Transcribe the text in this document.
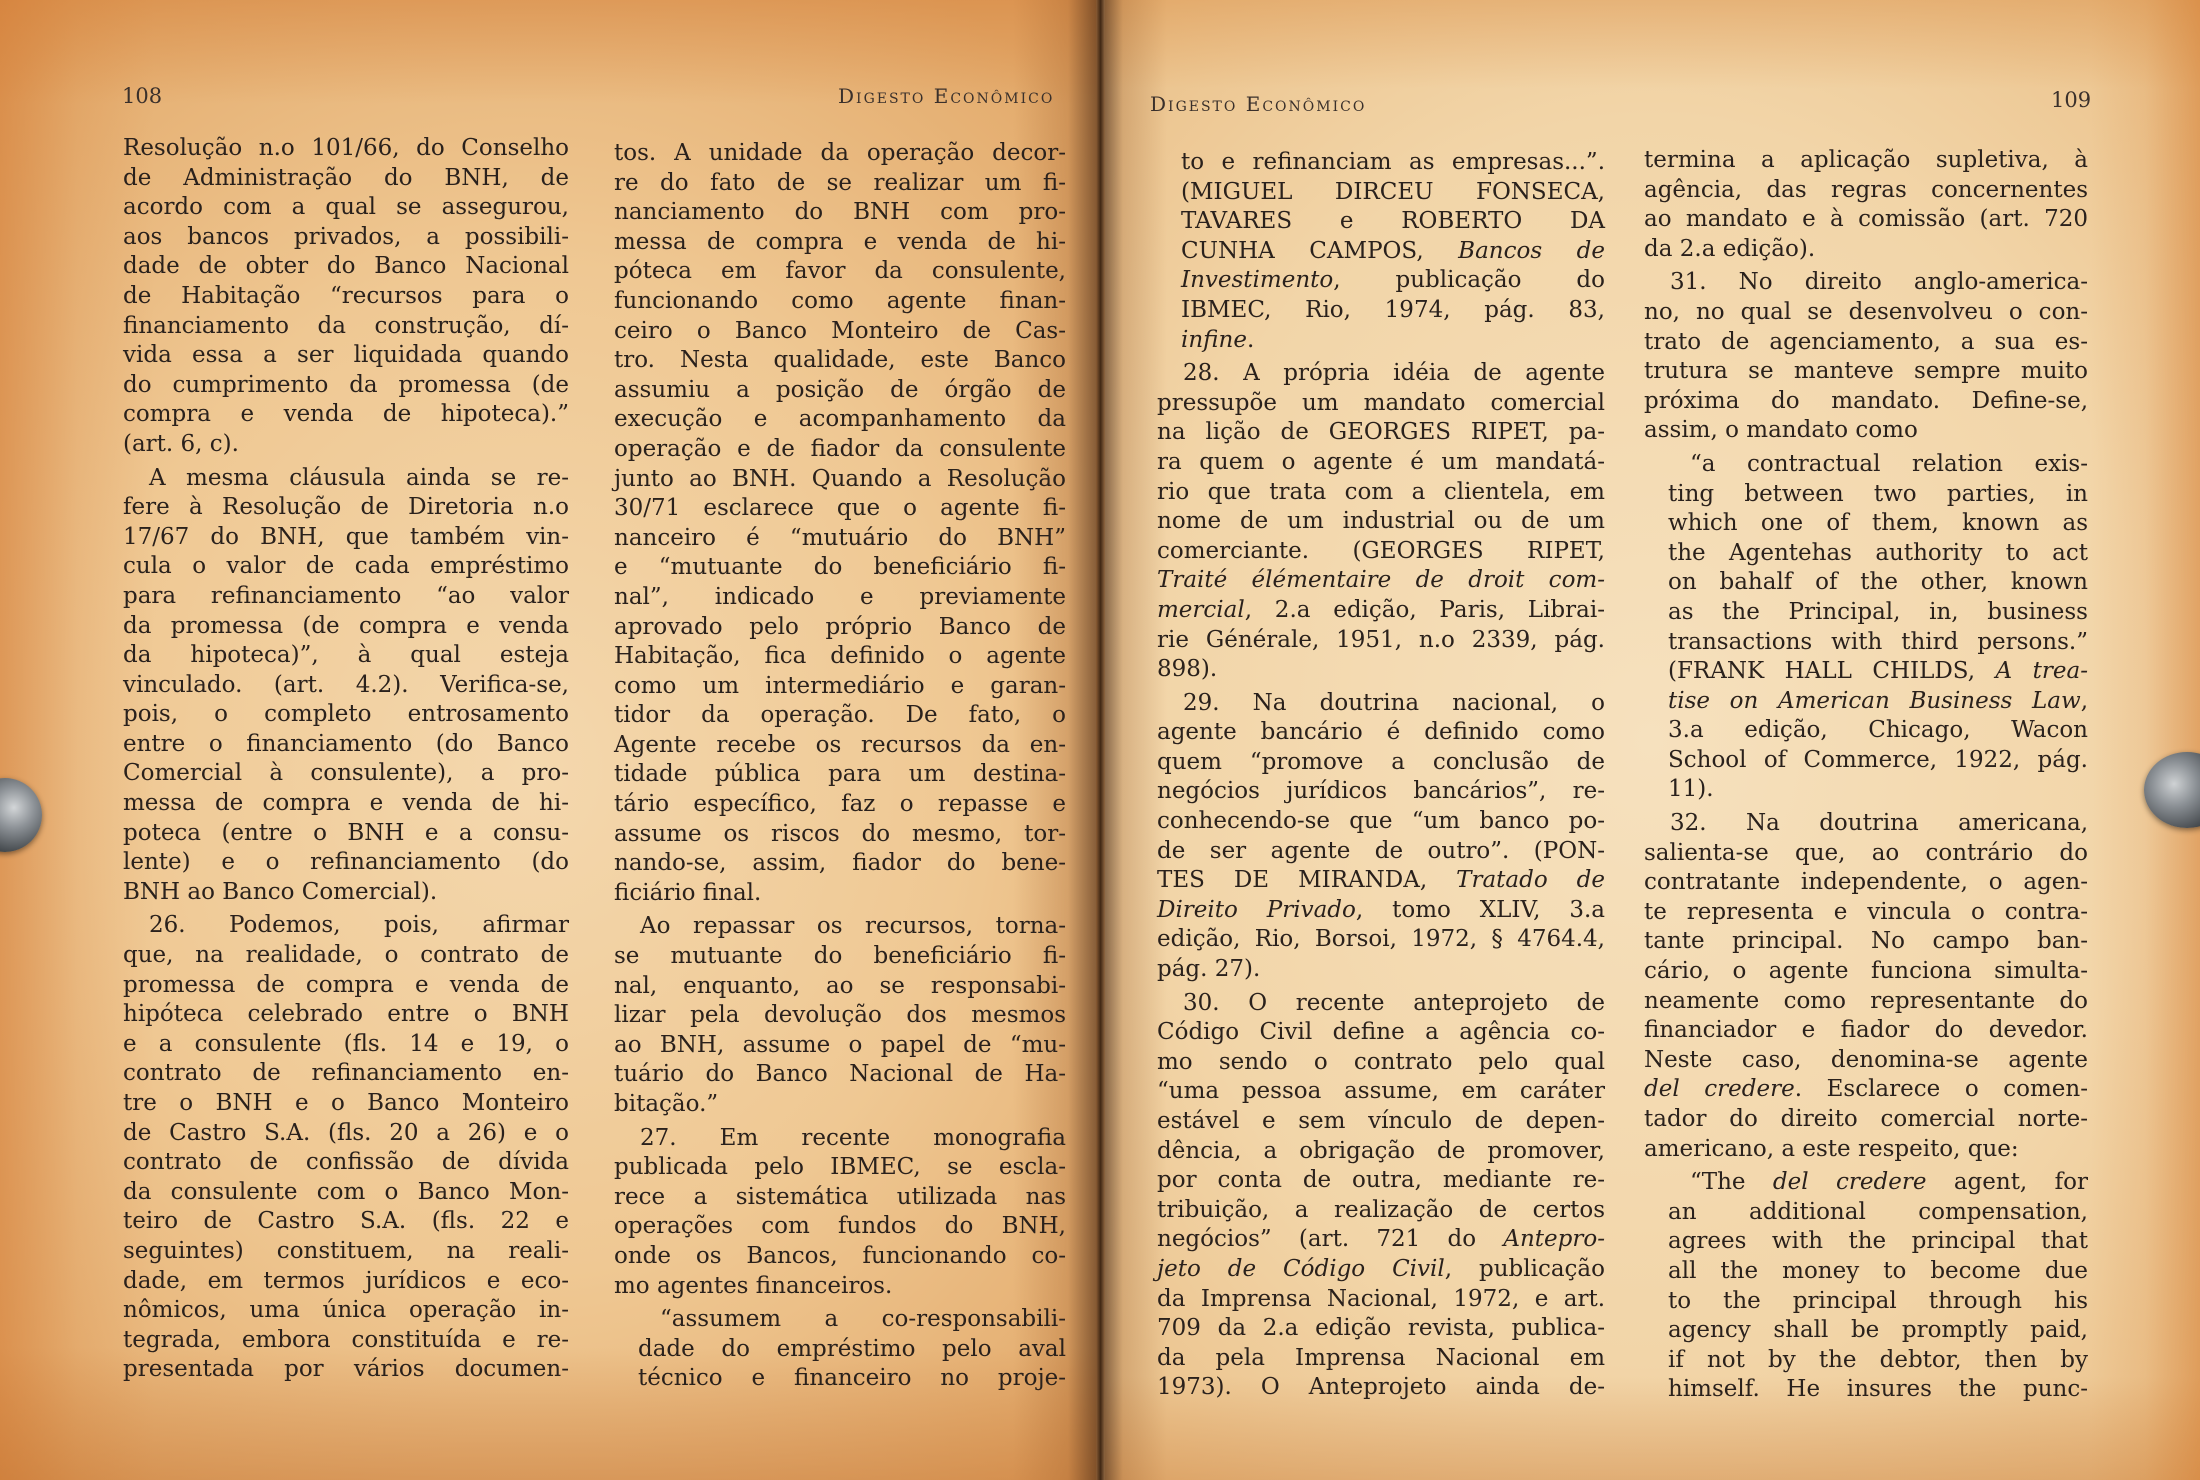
108	Digesto Econômico
Resolução n.o 101/66, do Conselho
de Administração do BNH, de
acordo com a qual se assegurou,
aos bancos privados, a possibili-
dade de obter do Banco Nacional
de Habitação “recursos para o
financiamento da construção, dí-
vida essa a ser liquidada quando
do cumprimento da promessa (de
compra e venda de hipoteca).”
(art. 6, c).
A mesma cláusula ainda se re-
fere à Resolução de Diretoria n.o
17/67 do BNH, que também vin-
cula o valor de cada empréstimo
para refinanciamento “ao valor
da promessa (de compra e venda
da hipoteca)”, à qual esteja
vinculado. (art. 4.2). Verifica-se,
pois, o completo entrosamento
entre o financiamento (do Banco
Comercial à consulente), a pro-
messa de compra e venda de hi-
poteca (entre o BNH e a consu-
lente) e o refinanciamento (do
BNH ao Banco Comercial).
26. Podemos, pois, afirmar
que, na realidade, o contrato de
promessa de compra e venda de
hipóteca celebrado entre o BNH
e a consulente (fls. 14 e 19, o
contrato de refinanciamento en-
tre o BNH e o Banco Monteiro
de Castro S.A. (fls. 20 a 26) e o
contrato de confissão de dívida
da consulente com o Banco Mon-
teiro de Castro S.A. (fls. 22 e
seguintes) constituem, na reali-
dade, em termos jurídicos e eco-
nômicos, uma única operação in-
tegrada, embora constituída e re-
presentada por vários documen-
tos. A unidade da operação decor-
re do fato de se realizar um fi-
nanciamento do BNH com pro-
messa de compra e venda de hi-
póteca em favor da consulente,
funcionando como agente finan-
ceiro o Banco Monteiro de Cas-
tro. Nesta qualidade, este Banco
assumiu a posição de órgão de
execução e acompanhamento da
operação e de fiador da consulente
junto ao BNH. Quando a Resolução
30/71 esclarece que o agente fi-
nanceiro é “mutuário do BNH”
e “mutuante do beneficiário fi-
nal”, indicado e previamente
aprovado pelo próprio Banco de
Habitação, fica definido o agente
como um intermediário e garan-
tidor da operação. De fato, o
Agente recebe os recursos da en-
tidade pública para um destina-
tário específico, faz o repasse e
assume os riscos do mesmo, tor-
nando-se, assim, fiador do bene-
ficiário final.
Ao repassar os recursos, torna-
se mutuante do beneficiário fi-
nal, enquanto, ao se responsabi-
lizar pela devolução dos mesmos
ao BNH, assume o papel de “mu-
tuário do Banco Nacional de Ha-
bitação.”
27. Em recente monografia
publicada pelo IBMEC, se escla-
rece a sistemática utilizada nas
operações com fundos do BNH,
onde os Bancos, funcionando co-
mo agentes financeiros.
“assumem a co-responsabili-
dade do empréstimo pelo aval
técnico e financeiro no proje-
Digesto Econômico	109
to e refinanciam as empresas...”.
(MIGUEL DIRCEU FONSECA,
TAVARES e ROBERTO DA
CUNHA CAMPOS, Bancos de
Investimento, publicação do
IBMEC, Rio, 1974, pág. 83,
infine.
28. A própria idéia de agente
pressupõe um mandato comercial
na lição de GEORGES RIPET, pa-
ra quem o agente é um mandatá-
rio que trata com a clientela, em
nome de um industrial ou de um
comerciante. (GEORGES RIPET,
Traité élémentaire de droit com-
mercial, 2.a edição, Paris, Librai-
rie Générale, 1951, n.o 2339, pág.
898).
29. Na doutrina nacional, o
agente bancário é definido como
quem “promove a conclusão de
negócios jurídicos bancários”, re-
conhecendo-se que “um banco po-
de ser agente de outro”. (PON-
TES DE MIRANDA, Tratado de
Direito Privado, tomo XLIV, 3.a
edição, Rio, Borsoi, 1972, § 4764.4,
pág. 27).
30. O recente anteprojeto de
Código Civil define a agência co-
mo sendo o contrato pelo qual
“uma pessoa assume, em caráter
estável e sem vínculo de depen-
dência, a obrigação de promover,
por conta de outra, mediante re-
tribuição, a realização de certos
negócios” (art. 721 do Antepro-
jeto de Código Civil, publicação
da Imprensa Nacional, 1972, e art.
709 da 2.a edição revista, publica-
da pela Imprensa Nacional em
1973). O Anteprojeto ainda de-
termina a aplicação supletiva, à
agência, das regras concernentes
ao mandato e à comissão (art. 720
da 2.a edição).
31. No direito anglo-america-
no, no qual se desenvolveu o con-
trato de agenciamento, a sua es-
trutura se manteve sempre muito
próxima do mandato. Define-se,
assim, o mandato como
“a contractual relation exis-
ting between two parties, in
which one of them, known as
the Agentehas authority to act
on bahalf of the other, known
as the Principal, in, business
transactions with third persons.”
(FRANK HALL CHILDS, A trea-
tise on American Business Law,
3.a edição, Chicago, Wacon
School of Commerce, 1922, pág.
11).
32. Na doutrina americana,
salienta-se que, ao contrário do
contratante independente, o agen-
te representa e vincula o contra-
tante principal. No campo ban-
cário, o agente funciona simulta-
neamente como representante do
financiador e fiador do devedor.
Neste caso, denomina-se agente
del credere. Esclarece o comen-
tador do direito comercial norte-
americano, a este respeito, que:
“The del credere agent, for
an additional compensation,
agrees with the principal that
all the money to become due
to the principal through his
agency shall be promptly paid,
if not by the debtor, then by
himself. He insures the punc-
